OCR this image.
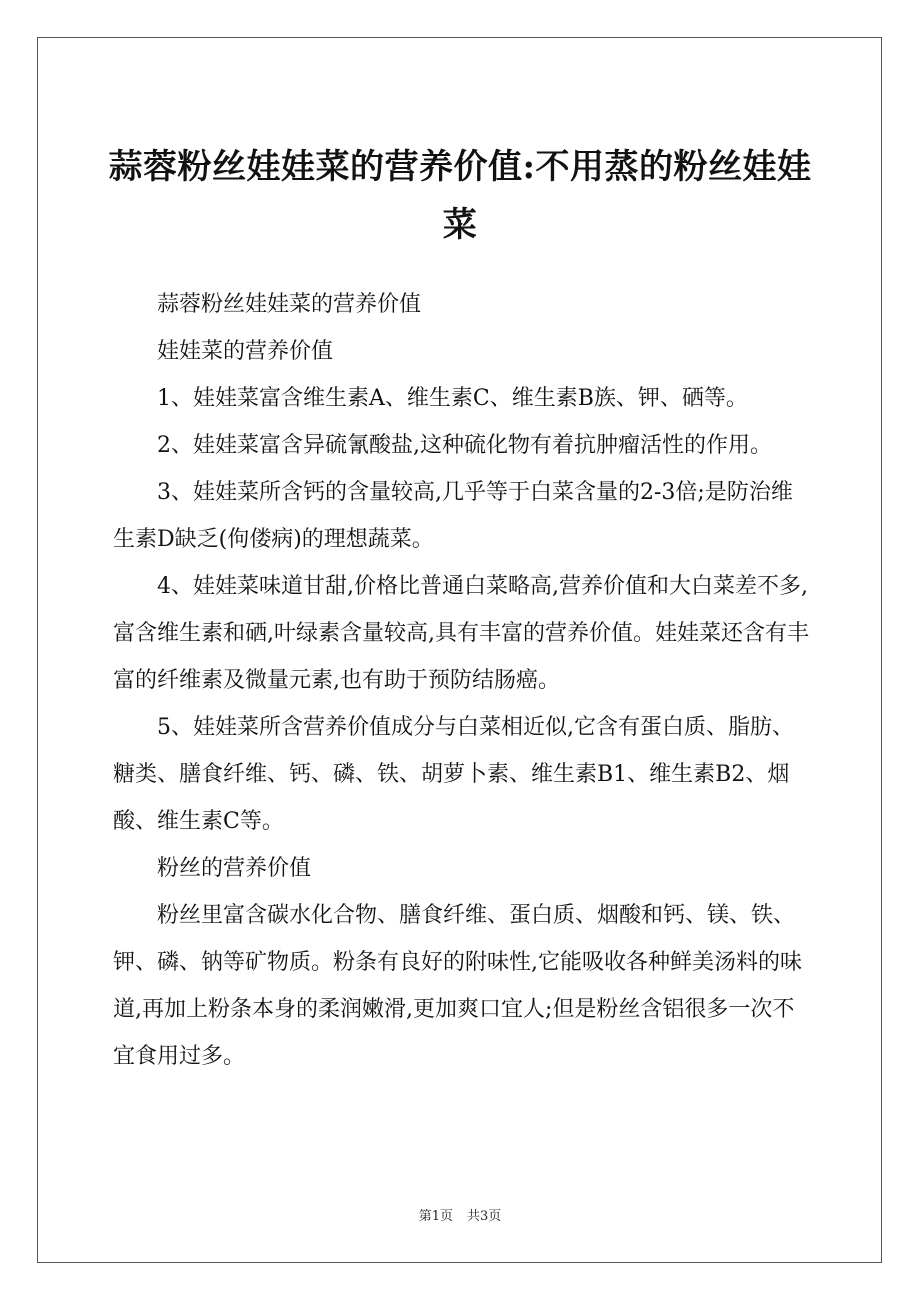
蒜蓉粉丝娃娃菜的营养价值:不用蒸的粉丝娃娃菜

蒜蓉粉丝娃娃菜的营养价值

娃娃菜的营养价值

1、娃娃菜富含维生素A、维生素C、维生素B族、钾、硒等。

2、娃娃菜富含异硫氰酸盐,这种硫化物有着抗肿瘤活性的作用。

3、娃娃菜所含钙的含量较高,几乎等于白菜含量的2-3倍;是防治维生素D缺乏(佝偻病)的理想蔬菜。

4、娃娃菜味道甘甜,价格比普通白菜略高,营养价值和大白菜差不多,富含维生素和硒,叶绿素含量较高,具有丰富的营养价值。娃娃菜还含有丰富的纤维素及微量元素,也有助于预防结肠癌。

5、娃娃菜所含营养价值成分与白菜相近似,它含有蛋白质、脂肪、糖类、膳食纤维、钙、磷、铁、胡萝卜素、维生素B1、维生素B2、烟酸、维生素C等。

粉丝的营养价值

粉丝里富含碳水化合物、膳食纤维、蛋白质、烟酸和钙、镁、铁、钾、磷、钠等矿物质。粉条有良好的附味性,它能吸收各种鲜美汤料的味道,再加上粉条本身的柔润嫩滑,更加爽口宜人;但是粉丝含铝很多一次不宜食用过多。

第1页 共3页
